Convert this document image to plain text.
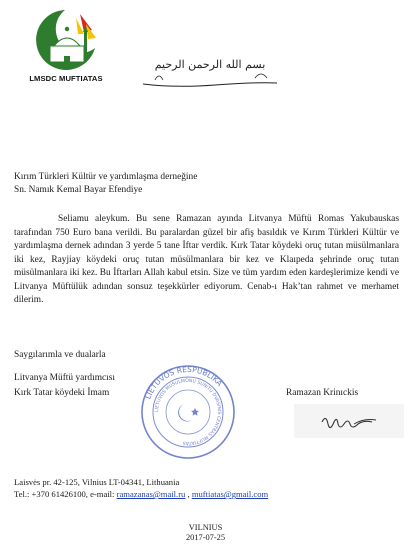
LMSDC MUFTIATAS
بسم الله الرحمن الرحيم
Kırım Türkleri Kültür ve yardımlaşma derneğine
Sn. Namık Kemal Bayar Efendiye
Seliamu aleykum. Bu sene Ramazan ayında Litvanya Müftü Romas Yakubauskas tarafından 750 Euro bana verildi. Bu paralardan güzel bir afiş basıldık ve Kırım Türkleri Kültür ve yardımlaşma dernek adından 3 yerde 5 tane İftar verdik. Kırk Tatar köydeki oruç tutan müsülmanlara iki kez, Rayjiay köydeki oruç tutan müsülmanlara bir kez ve Klaıpeda şehrinde oruç tutan müsülmanlara iki kez. Bu İftarları Allah kabul etsin. Size ve tüm yardım eden kardeşlerimize kendi ve Litvanya Müftülük adından sonsuz teşekkürler ediyorum. Cenab-ı Hak’tan rahmet ve merhamet dilerim.
Saygılarımla ve dualarla
Litvanya Müftü yardımcısı
Kırk Tatar köydeki İmam	Ramazan Krinıckis
LIETUVOS RESPUBLIKA
LIETUVOS MUSULMONU SUNITU DVASINIS CENTRAS MUFTIATAS
Laisvės pr. 42-125, Vilnius LT-04341, Lithuania
Tel.: +370 61426100, e-mail: ramazanas@mail.ru , muftiatas@gmail.com
VILNIUS
2017-07-25
